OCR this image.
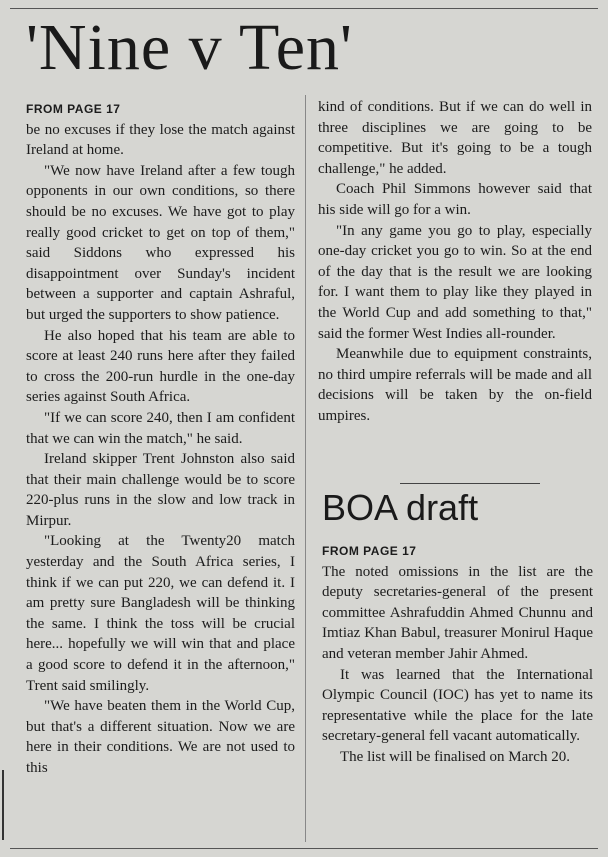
'Nine v Ten'

FROM PAGE 17

be no excuses if they lose the match against Ireland at home.

"We now have Ireland after a few tough opponents in our own conditions, so there should be no excuses. We have got to play really good cricket to get on top of them," said Siddons who expressed his disappointment over Sunday's incident between a supporter and captain Ashraful, but urged the supporters to show patience.

He also hoped that his team are able to score at least 240 runs here after they failed to cross the 200-run hurdle in the one-day series against South Africa.

"If we can score 240, then I am confident that we can win the match," he said.

Ireland skipper Trent Johnston also said that their main challenge would be to score 220-plus runs in the slow and low track in Mirpur.

"Looking at the Twenty20 match yesterday and the South Africa series, I think if we can put 220, we can defend it. I am pretty sure Bangladesh will be thinking the same. I think the toss will be crucial here... hopefully we will win that and place a good score to defend it in the afternoon," Trent said smilingly.

"We have beaten them in the World Cup, but that's a different situation. Now we are here in their conditions. We are not used to this

kind of conditions. But if we can do well in three disciplines we are going to be competitive. But it's going to be a tough challenge," he added.

Coach Phil Simmons however said that his side will go for a win.

"In any game you go to play, especially one-day cricket you go to win. So at the end of the day that is the result we are looking for. I want them to play like they played in the World Cup and add something to that," said the former West Indies all-rounder.

Meanwhile due to equipment constraints, no third umpire referrals will be made and all decisions will be taken by the on-field umpires.

BOA draft

FROM PAGE 17

The noted omissions in the list are the deputy secretaries-general of the present committee Ashrafuddin Ahmed Chunnu and Imtiaz Khan Babul, treasurer Monirul Haque and veteran member Jahir Ahmed.

It was learned that the International Olympic Council (IOC) has yet to name its representative while the place for the late secretary-general fell vacant automatically.

The list will be finalised on March 20.
